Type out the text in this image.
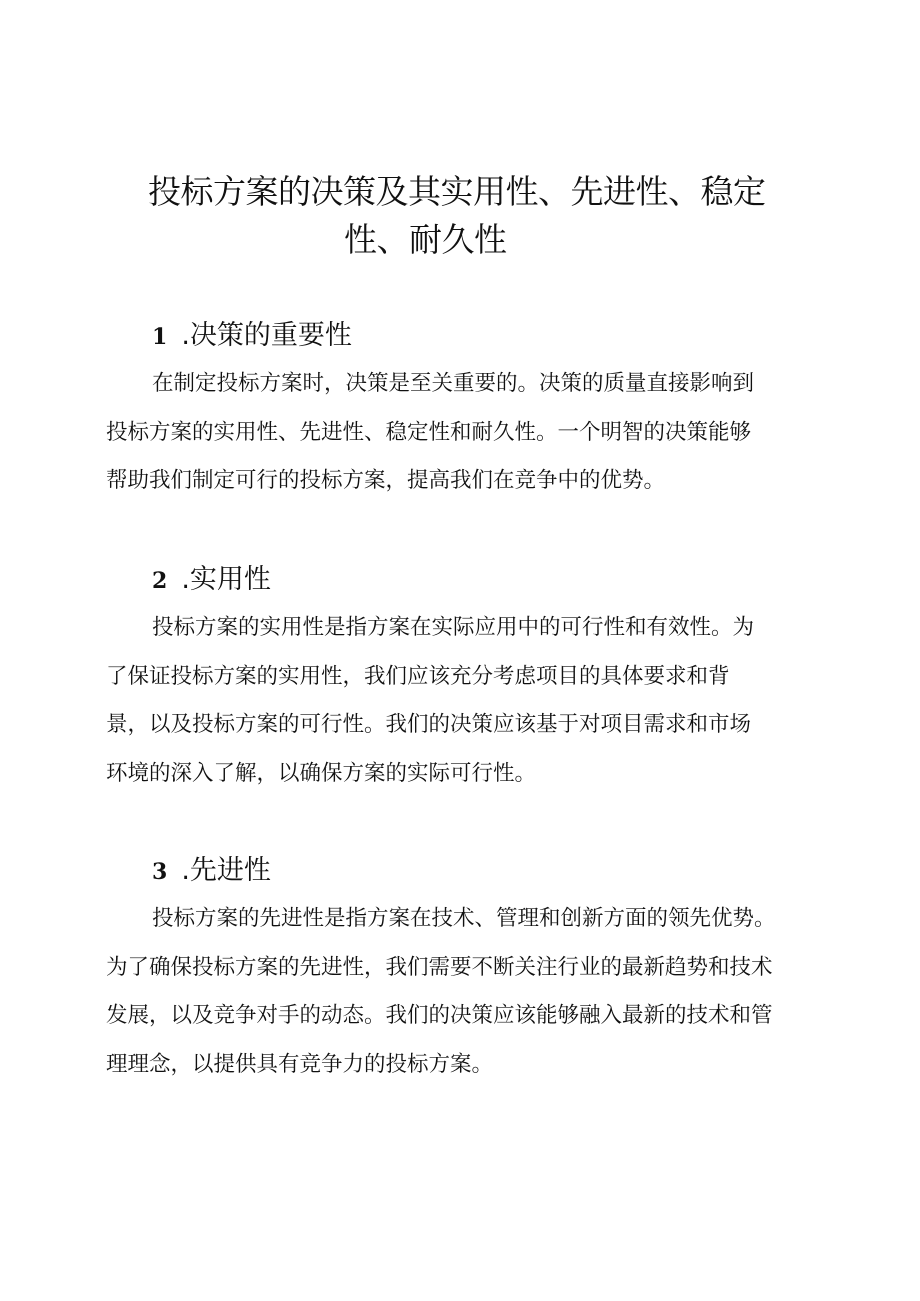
投标方案的决策及其实用性、先进性、稳定
性、耐久性
1 .决策的重要性
在制定投标方案时，决策是至关重要的。决策的质量直接影响到
投标方案的实用性、先进性、稳定性和耐久性。一个明智的决策能够
帮助我们制定可行的投标方案，提高我们在竞争中的优势。
2 .实用性
投标方案的实用性是指方案在实际应用中的可行性和有效性。为
了保证投标方案的实用性，我们应该充分考虑项目的具体要求和背
景，以及投标方案的可行性。我们的决策应该基于对项目需求和市场
环境的深入了解，以确保方案的实际可行性。
3 .先进性
投标方案的先进性是指方案在技术、管理和创新方面的领先优势。
为了确保投标方案的先进性，我们需要不断关注行业的最新趋势和技术
发展，以及竞争对手的动态。我们的决策应该能够融入最新的技术和管
理理念，以提供具有竞争力的投标方案。
